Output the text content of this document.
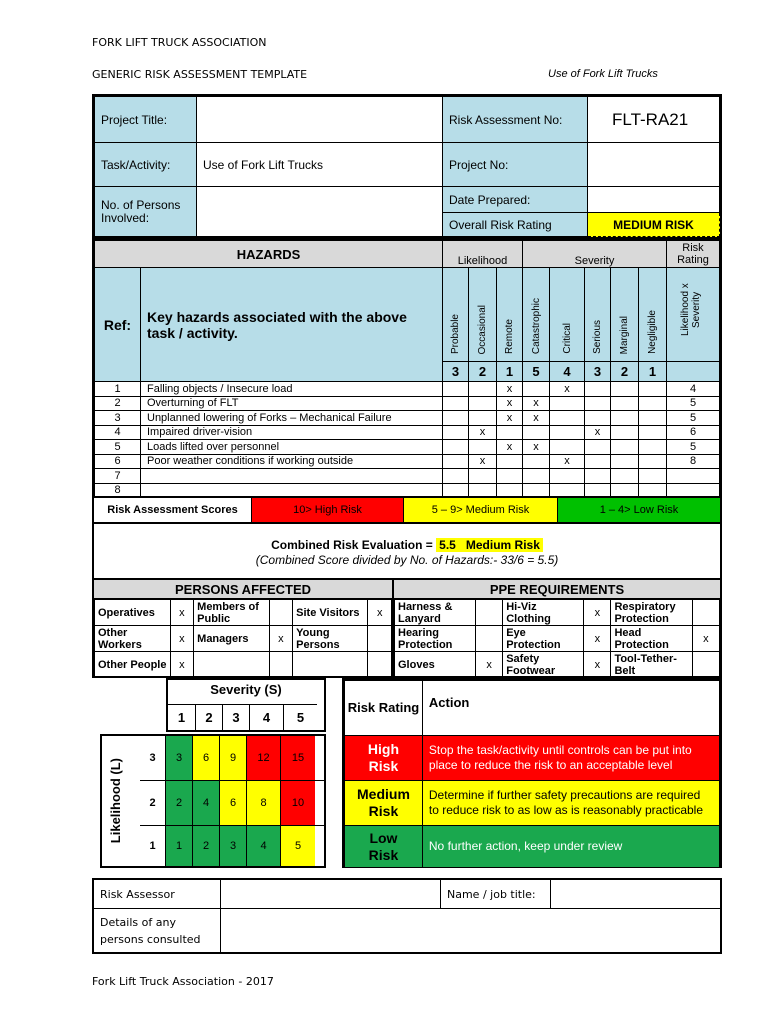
FORK LIFT TRUCK ASSOCIATION
GENERIC RISK ASSESSMENT TEMPLATE	Use of Fork Lift Trucks
Project Title:		Risk Assessment No:	FLT-RA21
Task/Activity:	Use of Fork Lift Trucks	Project No:	
No. of Persons Involved:		Date Prepared:	
		Overall Risk Rating	MEDIUM RISK
HAZARDS		Likelihood			Severity					Risk Rating
Ref:	Key hazards associated with the above task / activity.	Probable	Occasional	Remote	Catastrophic	Critical	Serious	Marginal	Negligible	Likelihood x Severity
		3	2	1	5	4	3	2	1	
1	Falling objects / Insecure load			x		x				4
2	Overturning of FLT			x	x					5
3	Unplanned lowering of Forks – Mechanical Failure			x	x					5
4	Impaired driver-vision		x				x			6
5	Loads lifted over personnel			x	x					5
6	Poor weather conditions if working outside		x			x				8
7										
8										
Risk Assessment Scores	10> High Risk	5 – 9> Medium Risk	1 – 4> Low Risk
Combined Risk Evaluation = 5.5 Medium Risk
(Combined Score divided by No. of Hazards:- 33/6 = 5.5)
PERSONS AFFECTED
Operatives	x	Members of Public		Site Visitors	x
Other Workers	x	Managers	x	Young Persons	
Other People	x				
PPE REQUIREMENTS
Harness & Lanyard		Hi-Viz Clothing	x	Respiratory Protection	
Hearing Protection		Eye Protection	x	Head Protection	x
Gloves	x	Safety Footwear	x	Tool-Tether-Belt	
Severity (S)
1	2	3	4	5
Likelihood (L)
3	3	6	9	12	15
2	2	4	6	8	10
1	1	2	3	4	5
Risk Rating	Action
High Risk	Stop the task/activity until controls can be put into place to reduce the risk to an acceptable level
Medium Risk	Determine if further safety precautions are required to reduce risk to as low as is reasonably practicable
Low Risk	No further action, keep under review
Risk Assessor		Name / job title:	
Details of any persons consulted			
Fork Lift Truck Association - 2017
